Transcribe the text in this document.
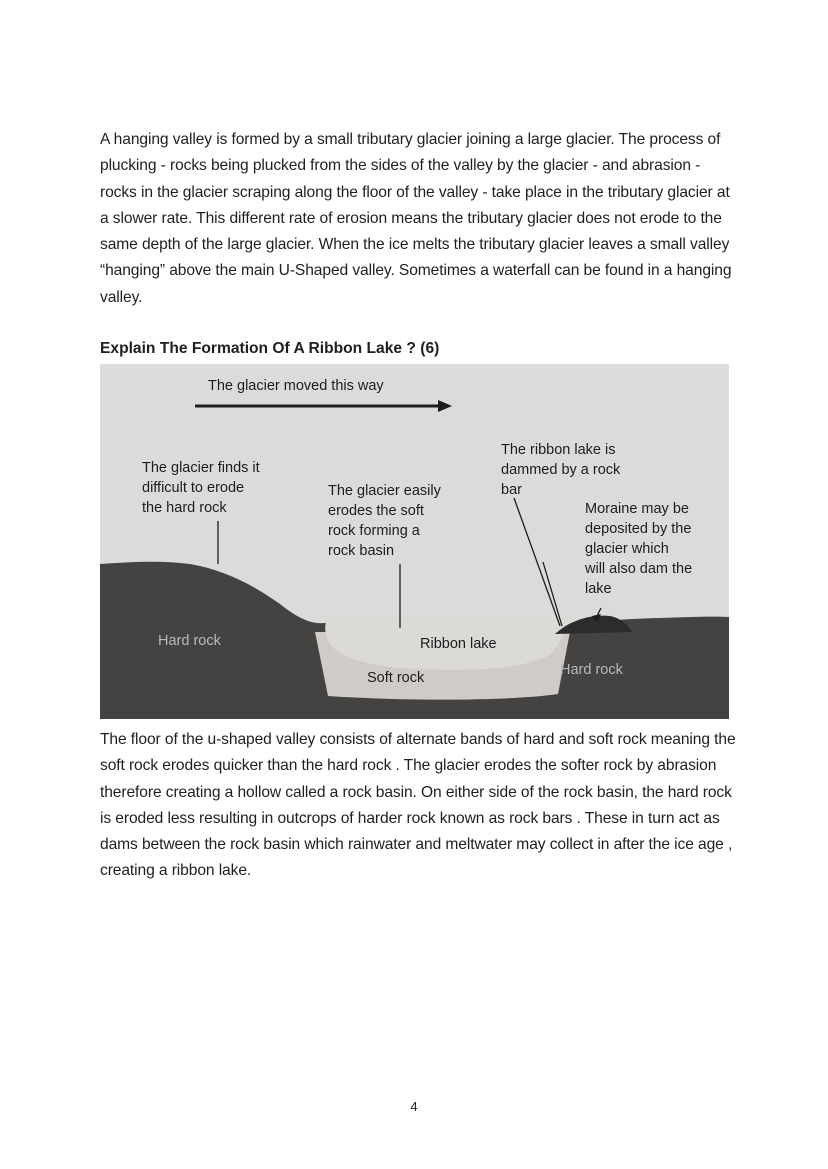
A hanging valley is formed by a small tributary glacier joining a large glacier. The process of plucking - rocks being plucked from the sides of the valley by the glacier - and abrasion - rocks in the glacier scraping along the floor of the valley - take place in the tributary glacier at a slower rate. This different rate of erosion means the tributary glacier does not erode to the same depth of the large glacier. When the ice melts the tributary glacier leaves a small valley “hanging” above the main U-Shaped valley. Sometimes a waterfall can be found in a hanging valley.

Explain The Formation Of A Ribbon Lake ? (6)
The glacier moved this way
The glacier finds it difficult to erode the hard rock
The glacier easily erodes the soft rock forming a rock basin
The ribbon lake is dammed by a rock bar
Moraine may be deposited by the glacier which will also dam the lake
Hard rock	Ribbon lake
Soft rock	Hard rock

The floor of the u-shaped valley consists of alternate bands of hard and soft rock meaning the soft rock erodes quicker than the hard rock . The glacier erodes the softer rock by abrasion therefore creating a hollow called a rock basin. On either side of the rock basin, the hard rock is eroded less resulting in outcrops of harder rock known as rock bars . These in turn act as dams between the rock basin which rainwater and meltwater may collect in after the ice age , creating a ribbon lake.

4
